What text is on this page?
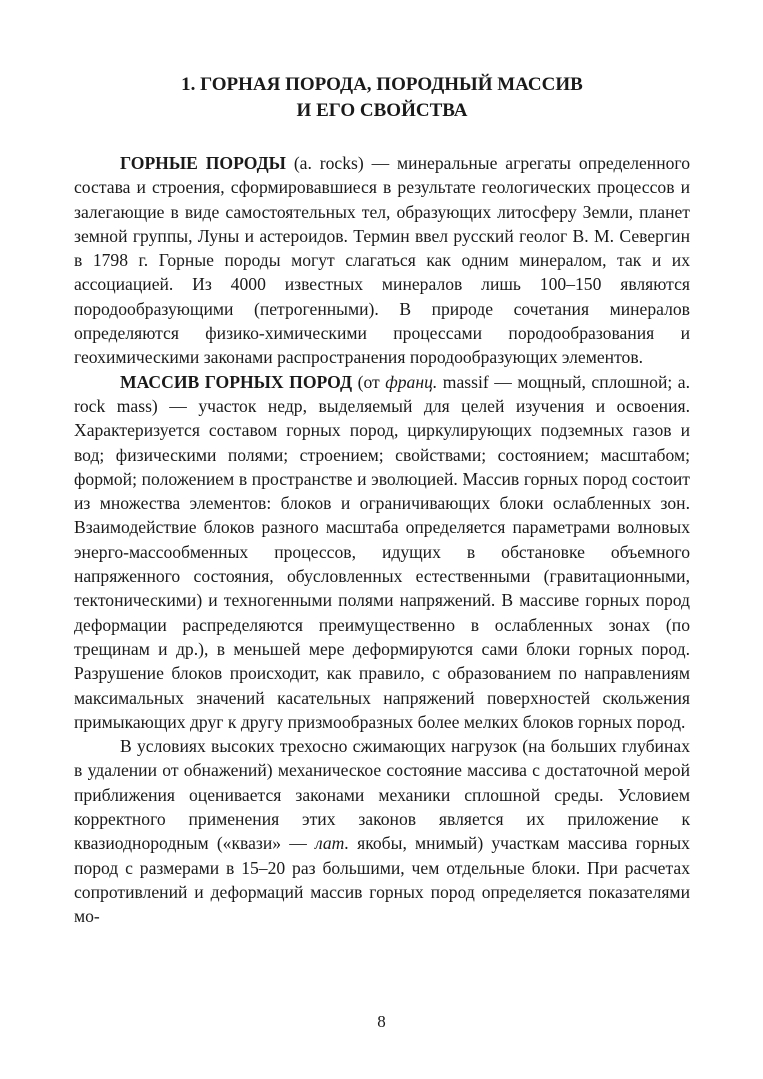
1. ГОРНАЯ ПОРОДА, ПОРОДНЫЙ МАССИВ
И ЕГО СВОЙСТВА

ГОРНЫЕ ПОРОДЫ (а. rocks) — минеральные агрегаты определенного состава и строения, сформировавшиеся в результате геологических процессов и залегающие в виде самостоятельных тел, образующих литосферу Земли, планет земной группы, Луны и астероидов. Термин ввел русский геолог В. М. Севергин в 1798 г. Горные породы могут слагаться как одним минералом, так и их ассоциацией. Из 4000 известных минералов лишь 100–150 являются породообразующими (петрогенными). В природе сочетания минералов определяются физико-химическими процессами породообразования и геохимическими законами распространения породообразующих элементов.

МАССИВ ГОРНЫХ ПОРОД (от франц. massif — мощный, сплошной; а. rock mass) — участок недр, выделяемый для целей изучения и освоения. Характеризуется составом горных пород, циркулирующих подземных газов и вод; физическими полями; строением; свойствами; состоянием; масштабом; формой; положением в пространстве и эволюцией. Массив горных пород состоит из множества элементов: блоков и ограничивающих блоки ослабленных зон. Взаимодействие блоков разного масштаба определяется параметрами волновых энерго-массообменных процессов, идущих в обстановке объемного напряженного состояния, обусловленных естественными (гравитационными, тектоническими) и техногенными полями напряжений. В массиве горных пород деформации распределяются преимущественно в ослабленных зонах (по трещинам и др.), в меньшей мере деформируются сами блоки горных пород. Разрушение блоков происходит, как правило, с образованием по направлениям максимальных значений касательных напряжений поверхностей скольжения примыкающих друг к другу призмообразных более мелких блоков горных пород.

В условиях высоких трехосно сжимающих нагрузок (на больших глубинах в удалении от обнажений) механическое состояние массива с достаточной мерой приближения оценивается законами механики сплошной среды. Условием корректного применения этих законов является их приложение к квазиоднородным («квази» — лат. якобы, мнимый) участкам массива горных пород с размерами в 15–20 раз большими, чем отдельные блоки. При расчетах сопротивлений и деформаций массив горных пород определяется показателями мо-

8
